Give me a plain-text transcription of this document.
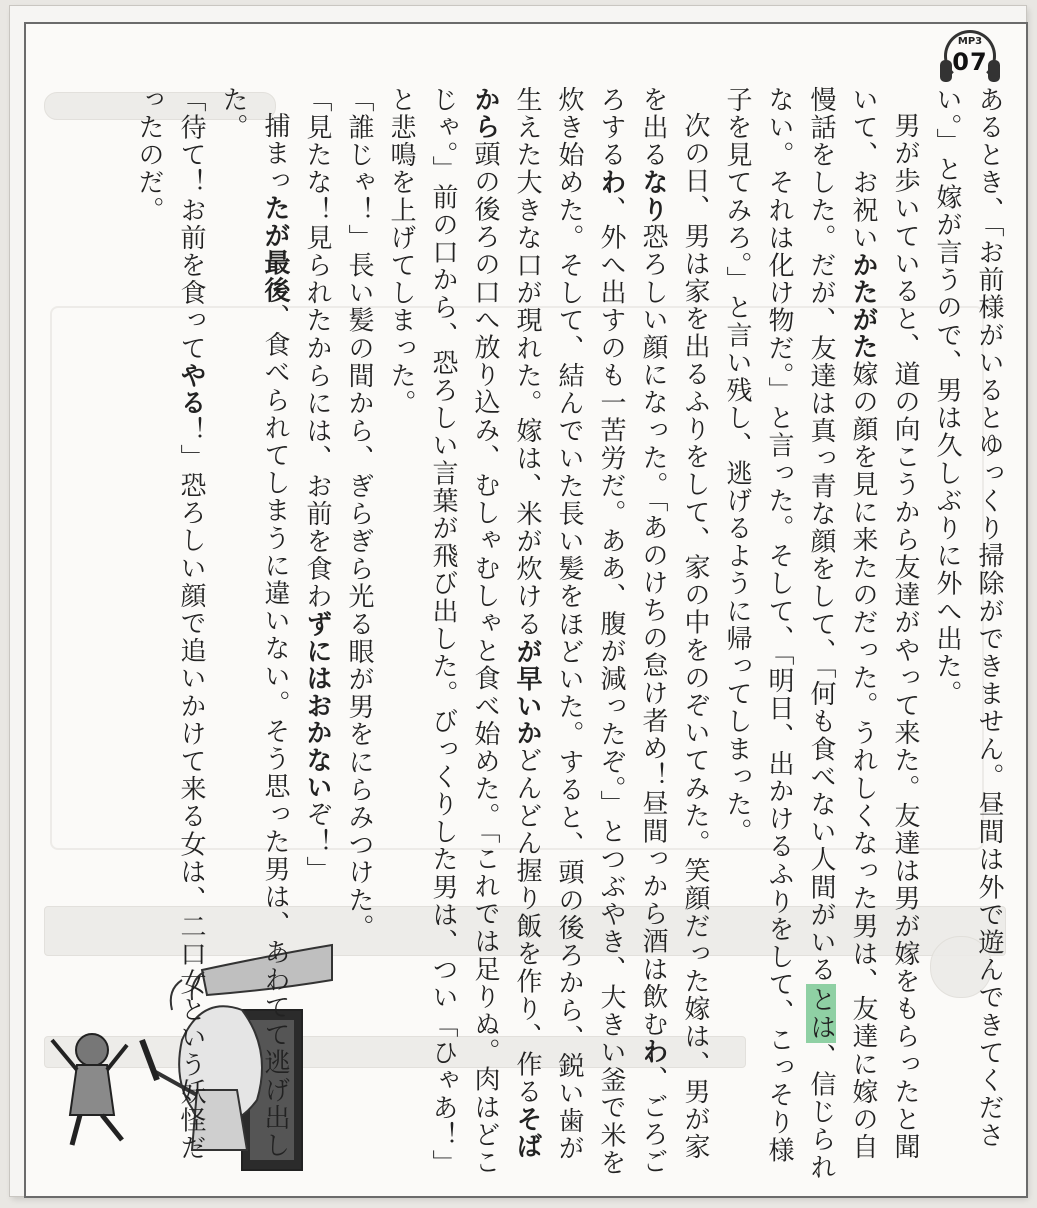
MP3
07

あるとき、「お前様がいるとゆっくり掃除ができません。昼間は外で遊んできてください。」と嫁が言うので、男は久しぶりに外へ出た。

男が歩いていると、道の向こうから友達がやって来た。友達は男が嫁をもらったと聞いて、お祝いかたがた嫁の顔を見に来たのだった。うれしくなった男は、友達に嫁の自慢話をした。だが、友達は真っ青な顔をして、「何も食べない人間がいるとは、信じられない。それは化け物だ。」と言った。そして、「明日、出かけるふりをして、こっそり様子を見てみろ。」と言い残し、逃げるように帰ってしまった。

次の日、男は家を出るふりをして、家の中をのぞいてみた。笑顔だった嫁は、男が家を出るなり恐ろしい顔になった。「あのけちの怠け者め！昼間っから酒は飲むわ、ごろごろするわ、外へ出すのも一苦労だ。ああ、腹が減ったぞ。」とつぶやき、大きい釜で米を炊き始めた。そして、結んでいた長い髪をほどいた。すると、頭の後ろから、鋭い歯が生えた大きな口が現れた。嫁は、米が炊けるが早いかどんどん握り飯を作り、作るそばから頭の後ろの口へ放り込み、むしゃむしゃと食べ始めた。「これでは足りぬ。肉はどこじゃ。」前の口から、恐ろしい言葉が飛び出した。びっくりした男は、つい「ひゃあ！」と悲鳴を上げてしまった。

「誰じゃ！」長い髪の間から、ぎらぎら光る眼が男をにらみつけた。

「見たな！見られたからには、お前を食わずにはおかないぞ！」

捕まったが最後、食べられてしまうに違いない。そう思った男は、あわてて逃げ出した。

「待て！お前を食ってやる！」恐ろしい顔で追いかけて来る女は、二口女という妖怪だったのだ。
